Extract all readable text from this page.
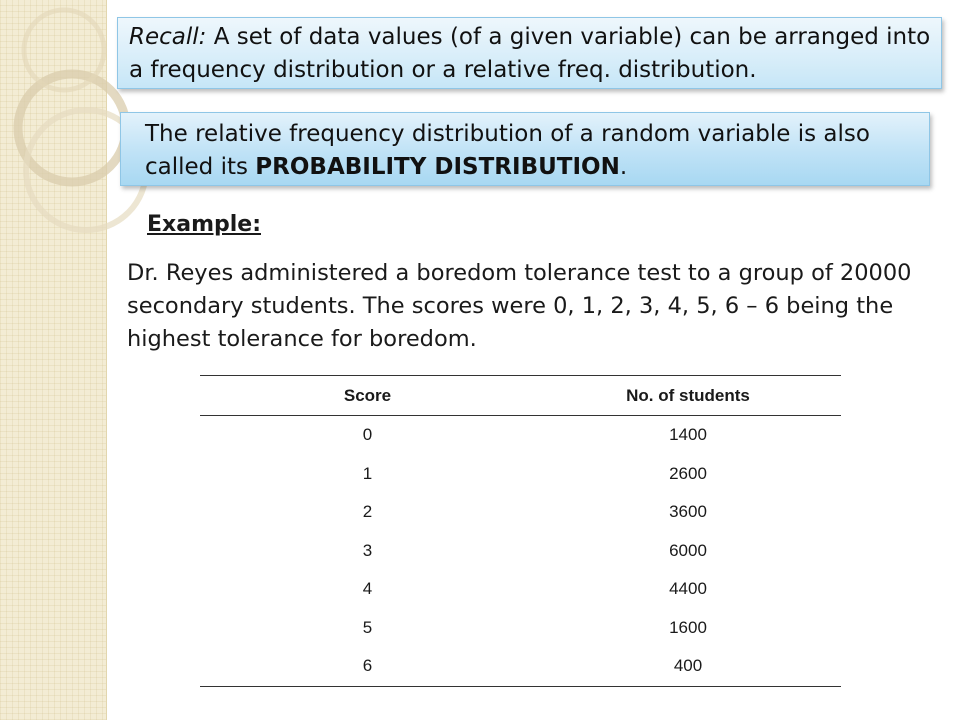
Recall: A set of data values (of a given variable) can be arranged into a frequency distribution or a relative freq. distribution.
The relative frequency distribution of a random variable is also called its PROBABILITY DISTRIBUTION.
Example:

Dr. Reyes administered a boredom tolerance test to a group of 20000 secondary students. The scores were 0, 1, 2, 3, 4, 5, 6 – 6 being the highest tolerance for boredom.

Score	No. of students
0	1400
1	2600
2	3600
3	6000
4	4400
5	1600
6	400
